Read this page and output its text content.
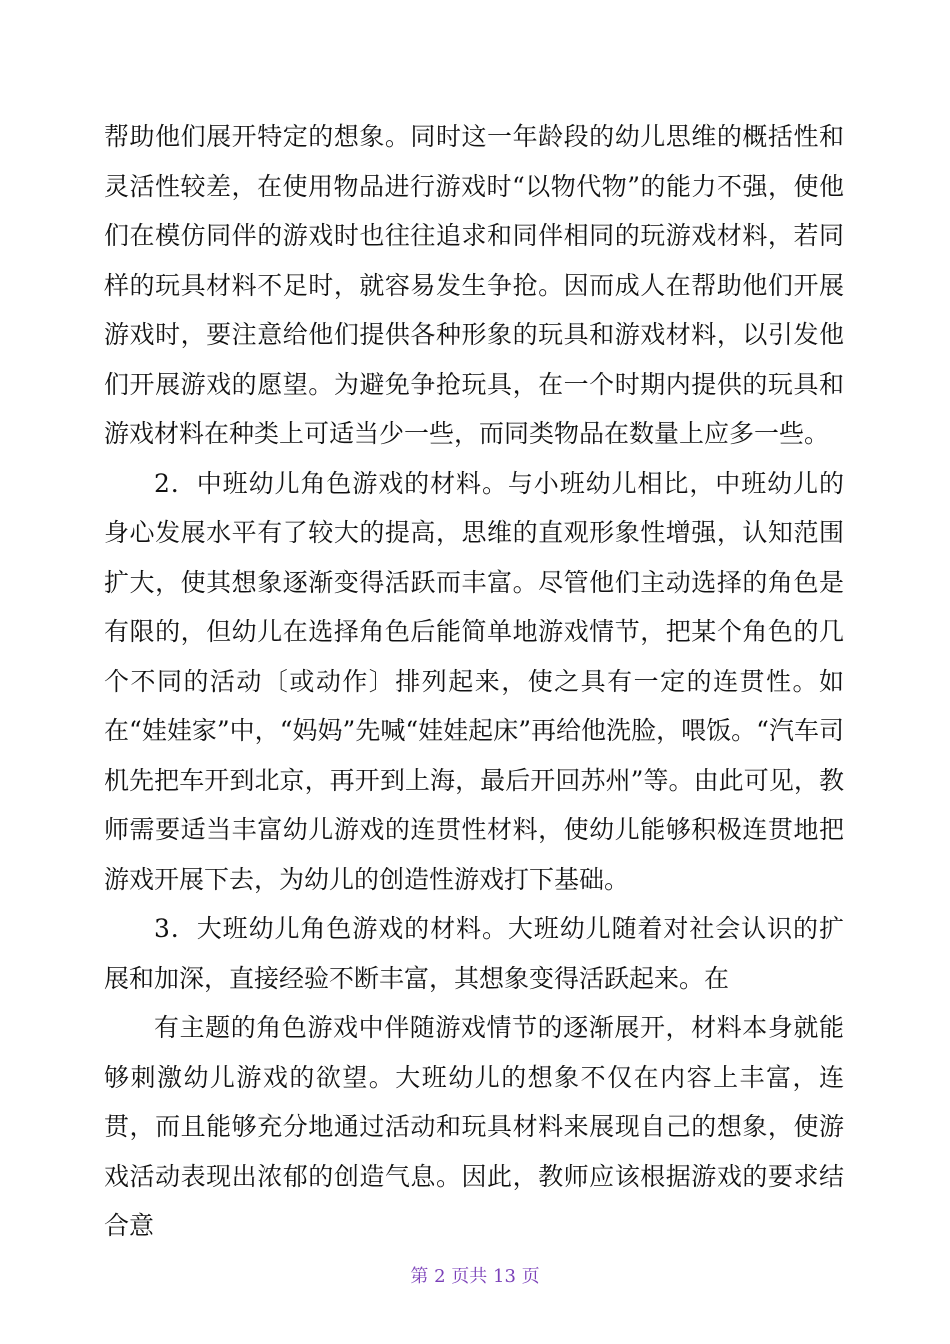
帮助他们展开特定的想象。同时这一年龄段的幼儿思维的概括性和灵活性较差，在使用物品进行游戏时“以物代物”的能力不强，使他们在模仿同伴的游戏时也往往追求和同伴相同的玩游戏材料，若同样的玩具材料不足时，就容易发生争抢。因而成人在帮助他们开展游戏时，要注意给他们提供各种形象的玩具和游戏材料，以引发他们开展游戏的愿望。为避免争抢玩具，在一个时期内提供的玩具和游戏材料在种类上可适当少一些，而同类物品在数量上应多一些。

2．中班幼儿角色游戏的材料。与小班幼儿相比，中班幼儿的身心发展水平有了较大的提高，思维的直观形象性增强，认知范围扩大，使其想象逐渐变得活跃而丰富。尽管他们主动选择的角色是有限的，但幼儿在选择角色后能简单地游戏情节，把某个角色的几个不同的活动〔或动作〕排列起来，使之具有一定的连贯性。如在“娃娃家”中，“妈妈”先喊“娃娃起床”再给他洗脸，喂饭。“汽车司机先把车开到北京，再开到上海，最后开回苏州”等。由此可见，教师需要适当丰富幼儿游戏的连贯性材料，使幼儿能够积极连贯地把游戏开展下去，为幼儿的创造性游戏打下基础。

3．大班幼儿角色游戏的材料。大班幼儿随着对社会认识的扩展和加深，直接经验不断丰富，其想象变得活跃起来。在

有主题的角色游戏中伴随游戏情节的逐渐展开，材料本身就能够刺激幼儿游戏的欲望。大班幼儿的想象不仅在内容上丰富，连贯，而且能够充分地通过活动和玩具材料来展现自己的想象，使游戏活动表现出浓郁的创造气息。因此，教师应该根据游戏的要求结合意

第 2 页共 13 页
